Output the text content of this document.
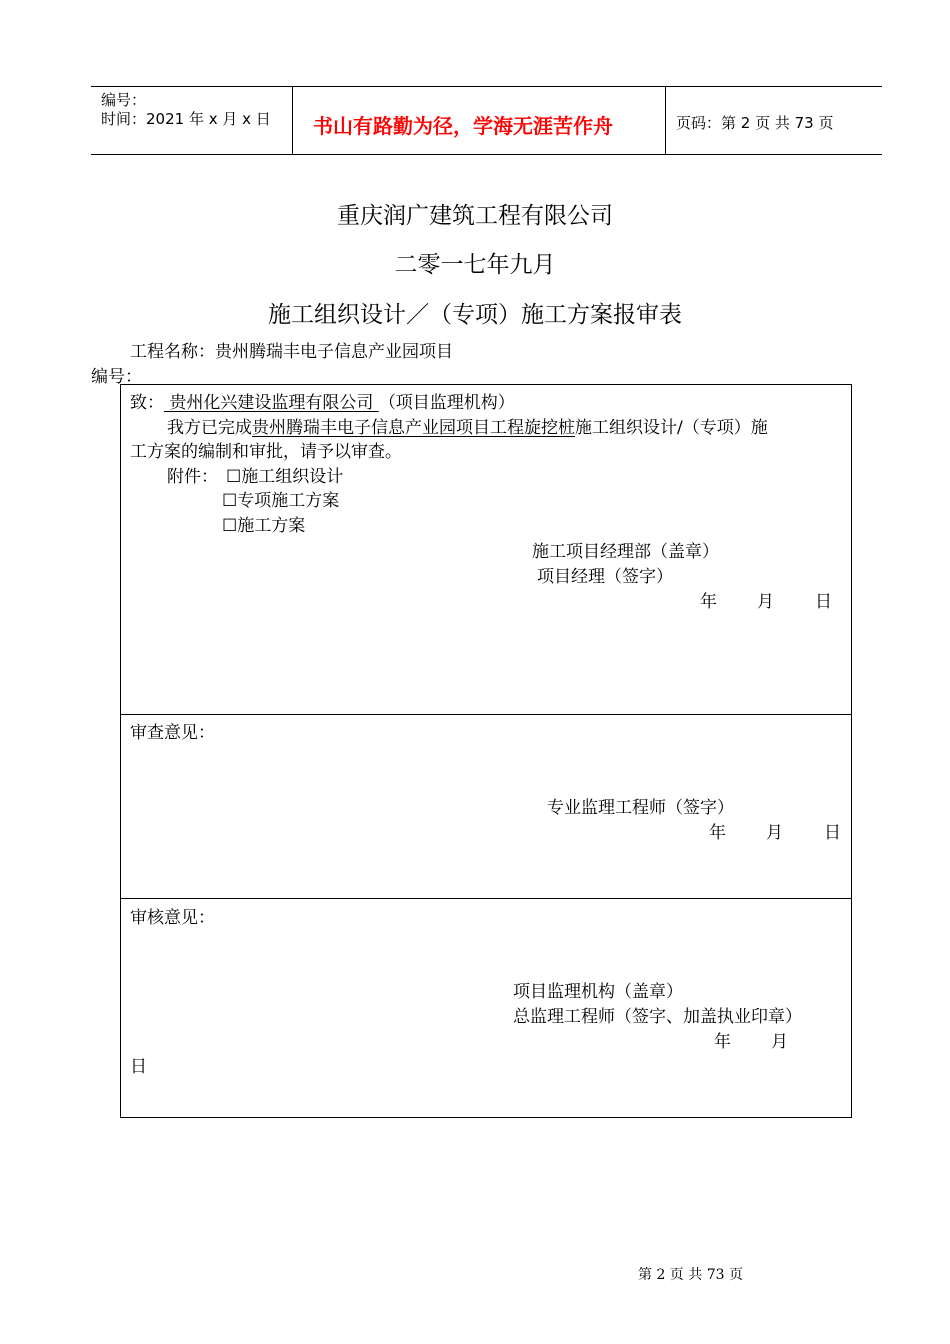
编号：
时间：2021 年 x 月 x 日 书山有路勤为径，学海无涯苦作舟	页码：第 2 页 共 73 页
重庆润广建筑工程有限公司
二零一七年九月
施工组织设计／（专项）施工方案报审表
工程名称：贵州腾瑞丰电子信息产业园项目
编号：
致： 贵州化兴建设监理有限公司 （项目监理机构）
我方已完成贵州腾瑞丰电子信息产业园项目工程旋挖桩施工组织设计/（专项）施
工方案的编制和审批，请予以审查。
附件： ☐施工组织设计
☐专项施工方案
☐施工方案
施工项目经理部（盖章）
项目经理（签字）
年 月 日
审查意见：
专业监理工程师（签字）
年 月 日
审核意见：
项目监理机构（盖章）
总监理工程师（签字、加盖执业印章）
年 月
日
第 2 页 共 73 页
